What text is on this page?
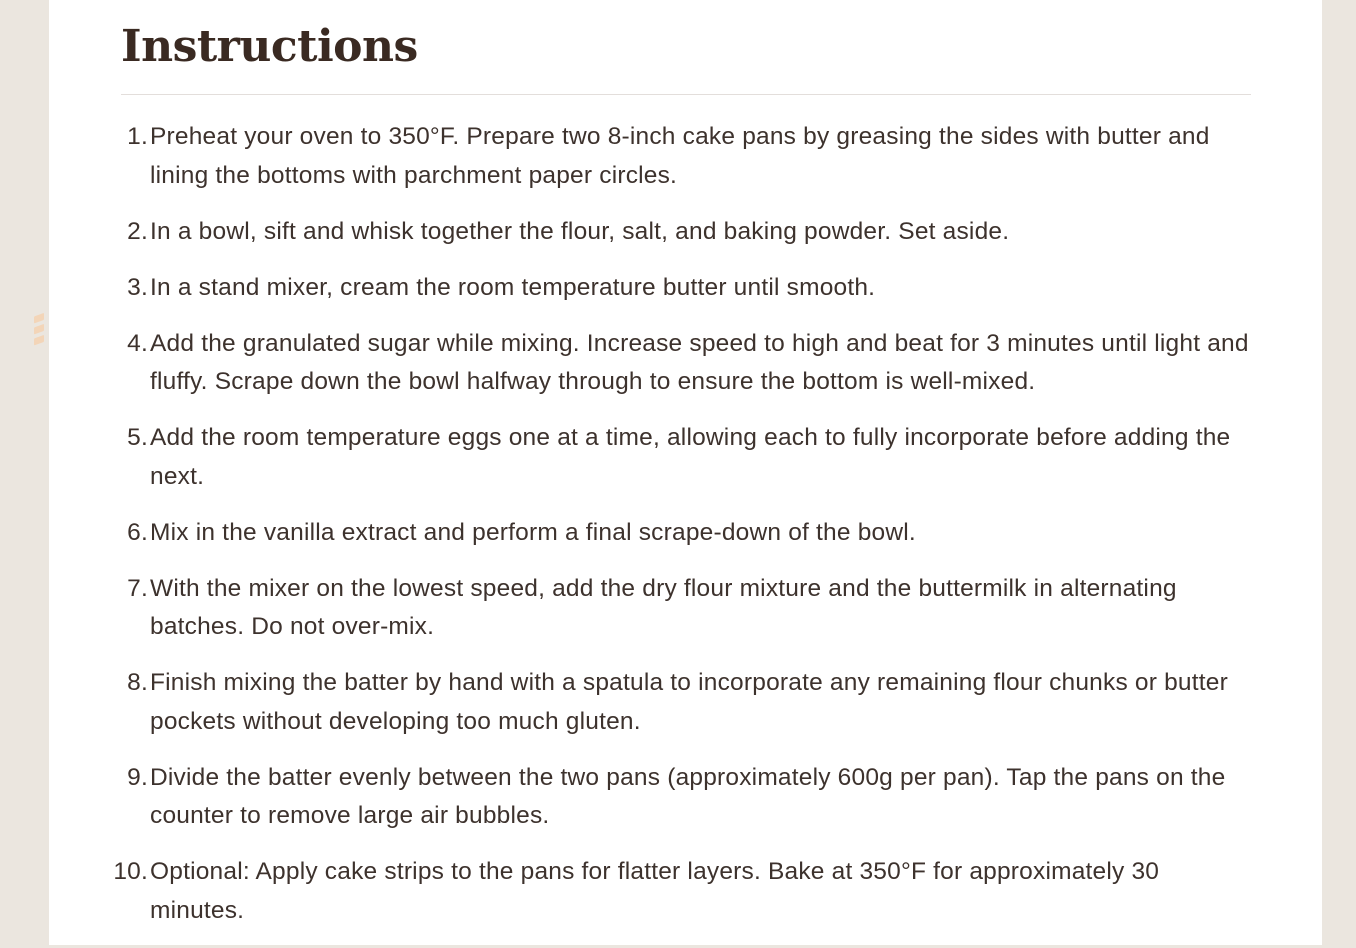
Instructions
1. Preheat your oven to 350°F. Prepare two 8-inch cake pans by greasing the sides with butter and lining the bottoms with parchment paper circles.
2. In a bowl, sift and whisk together the flour, salt, and baking powder. Set aside.
3. In a stand mixer, cream the room temperature butter until smooth.
4. Add the granulated sugar while mixing. Increase speed to high and beat for 3 minutes until light and fluffy. Scrape down the bowl halfway through to ensure the bottom is well-mixed.
5. Add the room temperature eggs one at a time, allowing each to fully incorporate before adding the next.
6. Mix in the vanilla extract and perform a final scrape-down of the bowl.
7. With the mixer on the lowest speed, add the dry flour mixture and the buttermilk in alternating batches. Do not over-mix.
8. Finish mixing the batter by hand with a spatula to incorporate any remaining flour chunks or butter pockets without developing too much gluten.
9. Divide the batter evenly between the two pans (approximately 600g per pan). Tap the pans on the counter to remove large air bubbles.
10. Optional: Apply cake strips to the pans for flatter layers. Bake at 350°F for approximately 30 minutes.
